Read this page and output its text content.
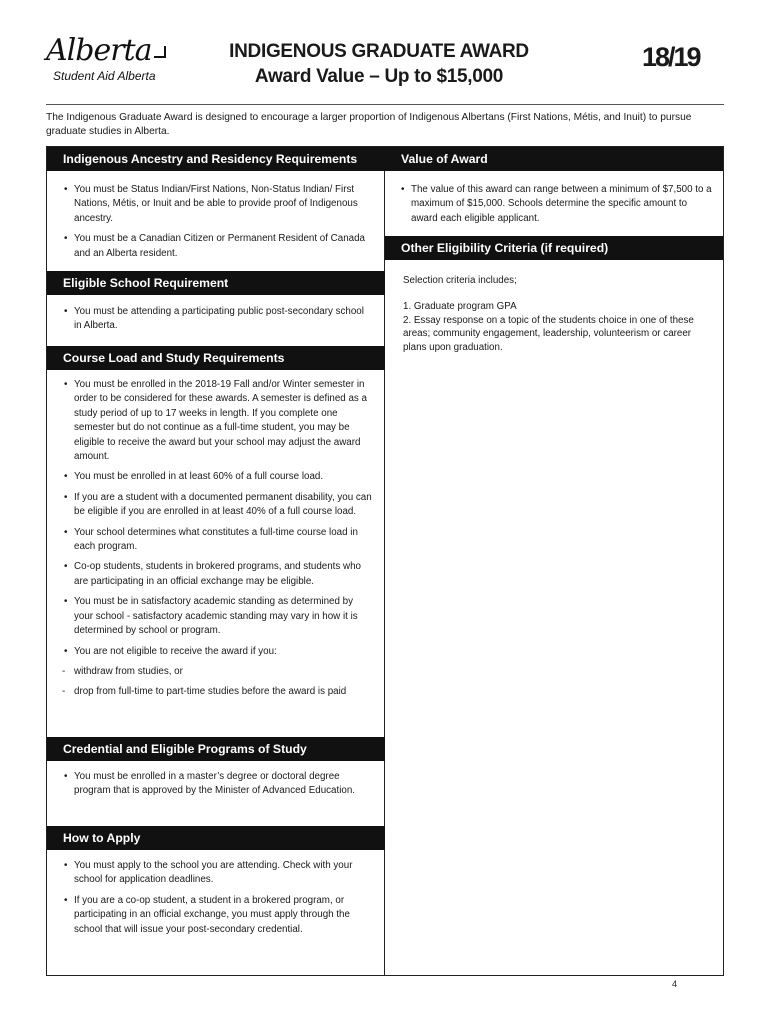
Alberta
Student Aid Alberta
INDIGENOUS GRADUATE AWARD
Award Value – Up to $15,000
18/19

The Indigenous Graduate Award is designed to encourage a larger proportion of Indigenous Albertans (First Nations, Métis, and Inuit) to pursue graduate studies in Alberta.

Indigenous Ancestry and Residency Requirements
• You must be Status Indian/First Nations, Non-Status Indian/ First Nations, Métis, or Inuit and be able to provide proof of Indigenous ancestry.
• You must be a Canadian Citizen or Permanent Resident of Canada and an Alberta resident.
Eligible School Requirement
• You must be attending a participating public post-secondary school in Alberta.
Course Load and Study Requirements
• You must be enrolled in the 2018-19 Fall and/or Winter semester in order to be considered for these awards. A semester is defined as a study period of up to 17 weeks in length. If you complete one semester but do not continue as a full-time student, you may be eligible to receive the award but your school may adjust the award amount.
• You must be enrolled in at least 60% of a full course load.
• If you are a student with a documented permanent disability, you can be eligible if you are enrolled in at least 40% of a full course load.
• Your school determines what constitutes a full-time course load in each program.
• Co-op students, students in brokered programs, and students who are participating in an official exchange may be eligible.
• You must be in satisfactory academic standing as determined by your school - satisfactory academic standing may vary in how it is determined by school or program.
• You are not eligible to receive the award if you:
- withdraw from studies, or
- drop from full-time to part-time studies before the award is paid
Credential and Eligible Programs of Study
• You must be enrolled in a master’s degree or doctoral degree program that is approved by the Minister of Advanced Education.
How to Apply
• You must apply to the school you are attending. Check with your school for application deadlines.
• If you are a co-op student, a student in a brokered program, or participating in an official exchange, you must apply through the school that will issue your post-secondary credential.
Value of Award
• The value of this award can range between a minimum of $7,500 to a maximum of $15,000. Schools determine the specific amount to award each eligible applicant.
Other Eligibility Criteria (if required)

Selection criteria includes;

1. Graduate program GPA

2. Essay response on a topic of the students choice in one of these areas; community engagement, leadership, volunteerism or career plans upon graduation.

4
